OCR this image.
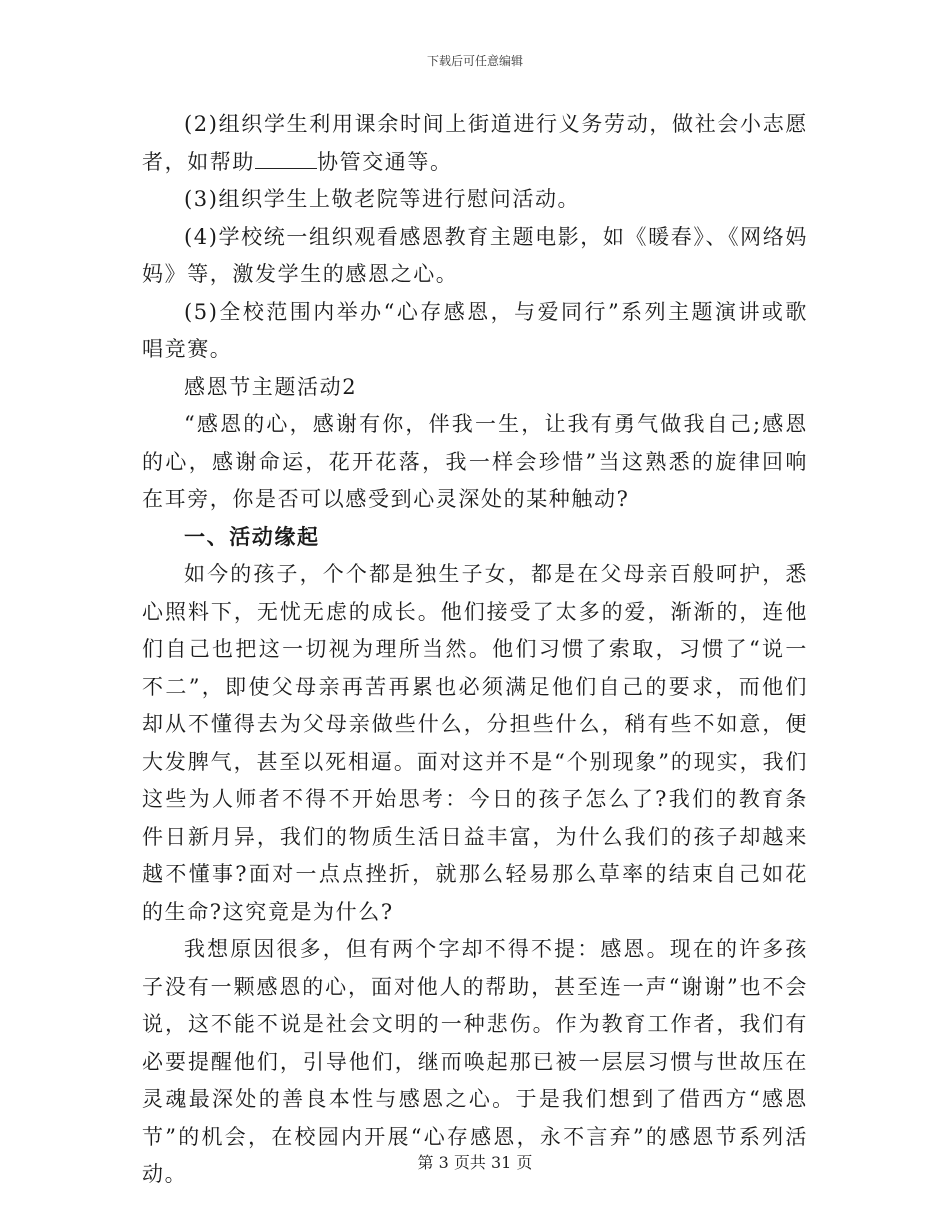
下载后可任意编辑

(2)组织学生利用课余时间上街道进行义务劳动，做社会小志愿者，如帮助	协管交通等。

(3)组织学生上敬老院等进行慰问活动。

(4)学校统一组织观看感恩教育主题电影，如《暖春》、《网络妈妈》等，激发学生的感恩之心。

(5)全校范围内举办“心存感恩，与爱同行”系列主题演讲或歌唱竞赛。

感恩节主题活动2

“感恩的心，感谢有你，伴我一生，让我有勇气做我自己;感恩的心，感谢命运，花开花落，我一样会珍惜”当这熟悉的旋律回响在耳旁，你是否可以感受到心灵深处的某种触动?

一、活动缘起

如今的孩子，个个都是独生子女，都是在父母亲百般呵护，悉心照料下，无忧无虑的成长。他们接受了太多的爱，渐渐的，连他们自己也把这一切视为理所当然。他们习惯了索取，习惯了“说一不二”，即使父母亲再苦再累也必须满足他们自己的要求，而他们却从不懂得去为父母亲做些什么，分担些什么，稍有些不如意，便大发脾气，甚至以死相逼。面对这并不是“个别现象”的现实，我们这些为人师者不得不开始思考：今日的孩子怎么了?我们的教育条件日新月异，我们的物质生活日益丰富，为什么我们的孩子却越来越不懂事?面对一点点挫折，就那么轻易那么草率的结束自己如花的生命?这究竟是为什么?

我想原因很多，但有两个字却不得不提：感恩。现在的许多孩子没有一颗感恩的心，面对他人的帮助，甚至连一声“谢谢”也不会说，这不能不说是社会文明的一种悲伤。作为教育工作者，我们有必要提醒他们，引导他们，继而唤起那已被一层层习惯与世故压在灵魂最深处的善良本性与感恩之心。于是我们想到了借西方“感恩节”的机会，在校园内开展“心存感恩，永不言弃”的感恩节系列活动。	第 3 页共 31 页
